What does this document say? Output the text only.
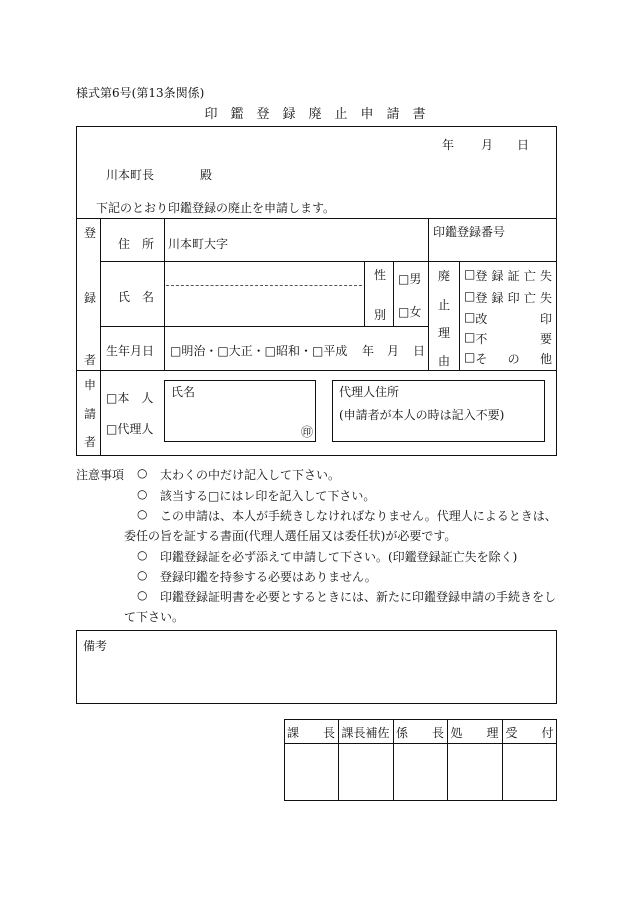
様式第6号(第13条関係)
印　鑑　登　録　廃　止　申　請　書
年 月 日
川本町長	殿
下記のとおり印鑑登録の廃止を申請します。
登
録
者
住　所 川本町大字
印鑑登録番号
氏　名
性
別
□ 男
□ 女
廃
止
理
由
□
登録証亡失
□
登録印亡失
□
改印
□
不要
□
その他
生年月日
□	明治・□大正・□昭和・□平成 年 月 日
申
請
者
□ 本　人
□ 代理人
氏名
㊞
代理人住所
(申請者が本人の時は記入不要)
注意事項 ○ 太わくの中だけ記入して下さい。
○ 該当する□にはレ印を記入して下さい。
○ この申請は、本人が手続きしなければなりません。代理人によるときは、
委任の旨を証する書面(代理人選任届又は委任状)が必要です。
○ 印鑑登録証を必ず添えて申請して下さい。(印鑑登録証亡失を除く)
○ 登録印鑑を持参する必要はありません。
○ 印鑑登録証明書を必要とするときには、新たに印鑑登録申請の手続きをし
て下さい。
備考
課　　長 課長補佐 係　　長 処　　理 受　　付
